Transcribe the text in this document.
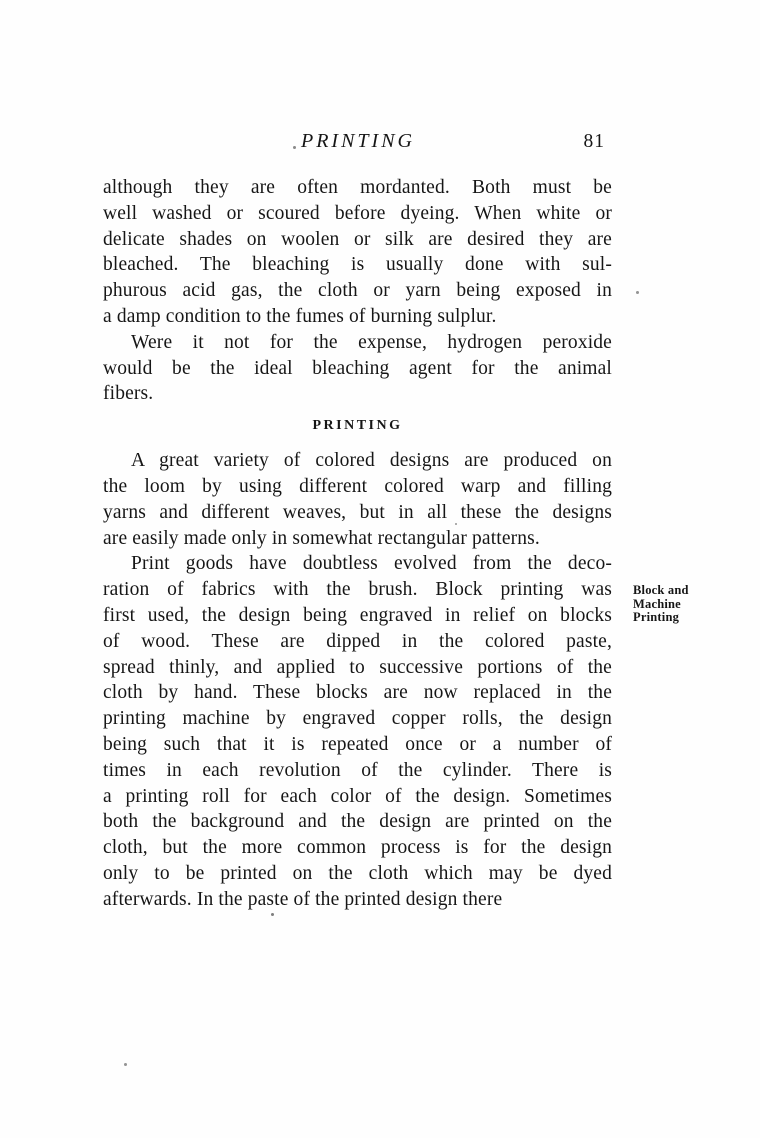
PRINTING	81
although they are often mordanted. Both must be
well washed or scoured before dyeing. When white or
delicate shades on woolen or silk are desired they are
bleached. The bleaching is usually done with sul-
phurous acid gas, the cloth or yarn being exposed in
a damp condition to the fumes of burning sulplur.
Were it not for the expense, hydrogen peroxide
would be the ideal bleaching agent for the animal
fibers.
PRINTING
A great variety of colored designs are produced on
the loom by using different colored warp and filling
yarns and different weaves, but in all these the designs
are easily made only in somewhat rectangular patterns.
Print goods have doubtless evolved from the deco-
ration of fabrics with the brush. Block printing was
first used, the design being engraved in relief on blocks
of wood. These are dipped in the colored paste,
spread thinly, and applied to successive portions of the
cloth by hand. These blocks are now replaced in the
printing machine by engraved copper rolls, the design
being such that it is repeated once or a number of
times in each revolution of the cylinder. There is
a printing roll for each color of the design. Sometimes
both the background and the design are printed on the
cloth, but the more common process is for the design
only to be printed on the cloth which may be dyed
afterwards. In the paste of the printed design there
Block and
Machine
Printing
